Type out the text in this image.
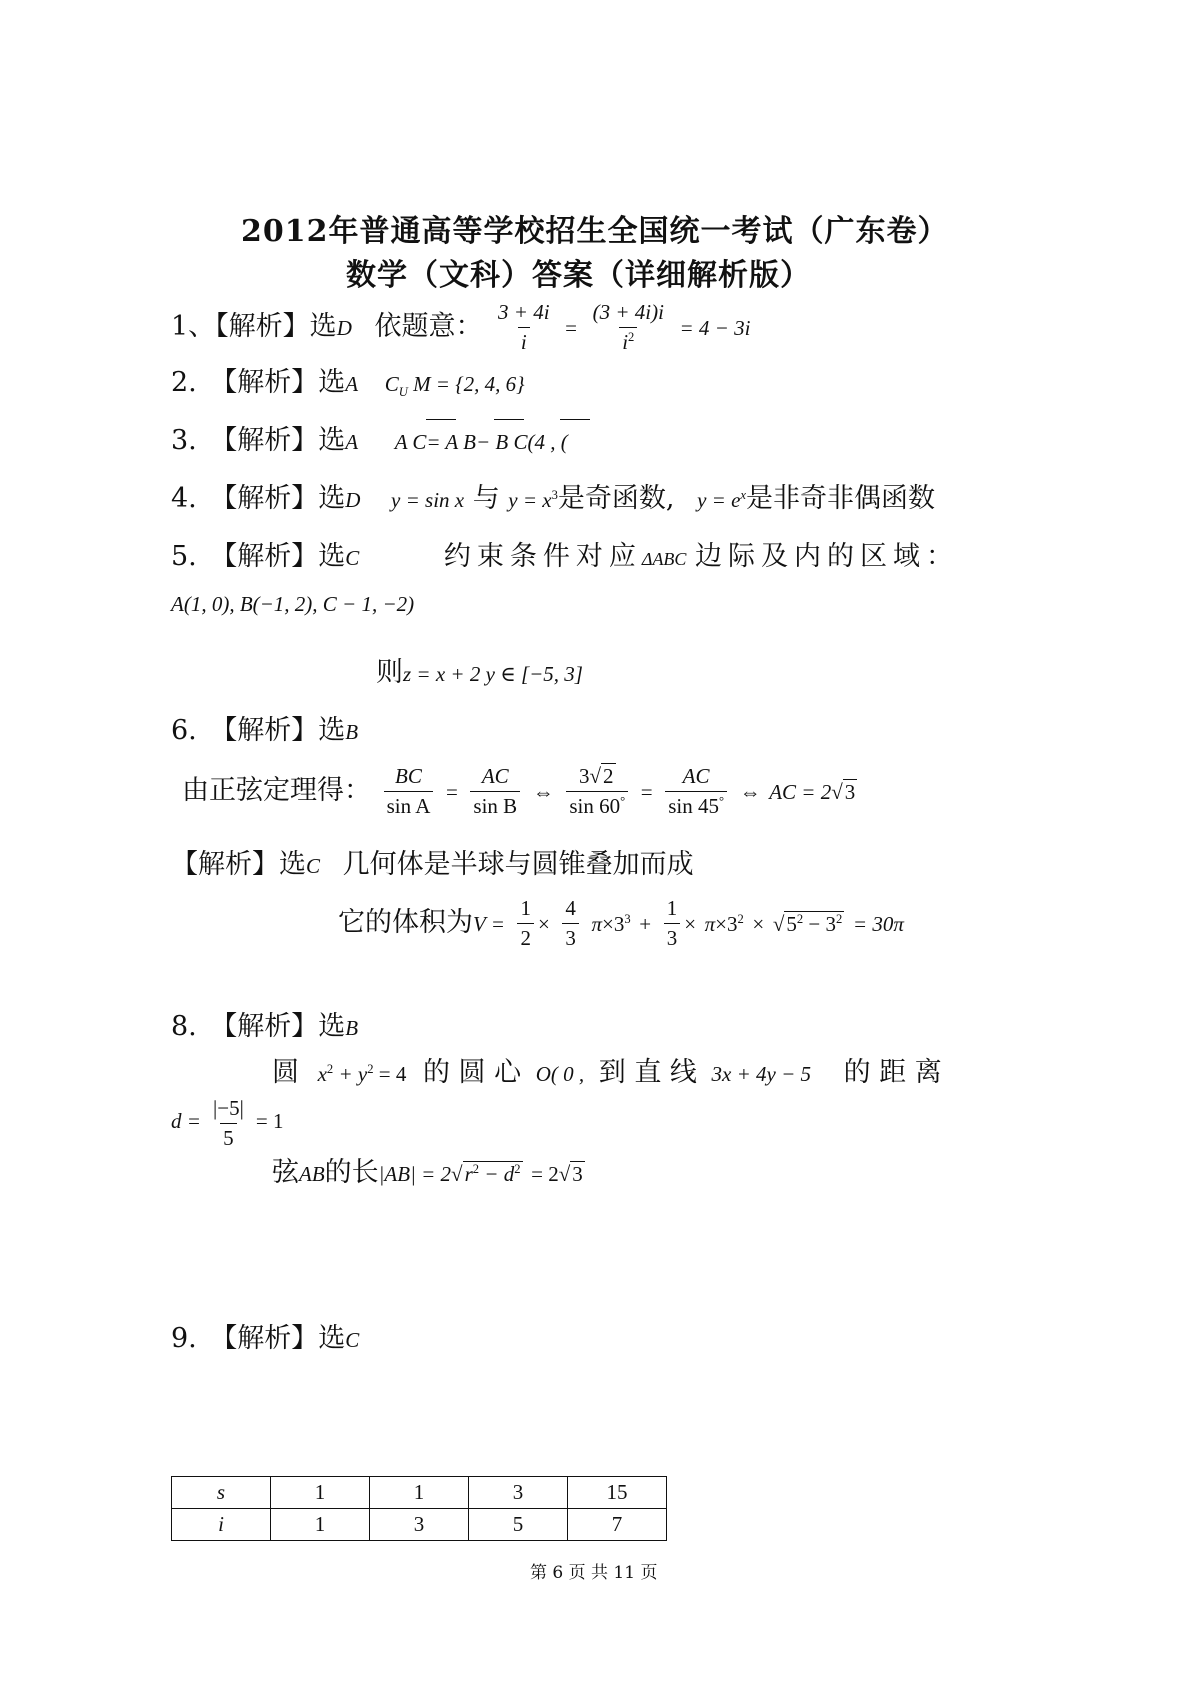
2012年普通高等学校招生全国统一考试（广东卷）
数学（文科）答案（详细解析版）
1、【解析】选D 依题意： $\frac{3 + 4i}{i} = \frac{(3 + 4i)i}{i^2} = 4 - 3i$
2.　【解析】选A $C_U$ M = {2, 4, 6}
3.　【解析】选A A C= A B− B C(4 , (
4.　【解析】选D y = sin x 与 $y = x^3$是奇函数, $y = e^x$是非奇非偶函数
5.　【解析】选C	约束条件对应ΔABC 边际及内的区域：
A(1, 0), B(−1, 2), C − 1, −2)
则z = x + 2 y ∈ [−5, 3]
6.　【解析】选B
由正弦定理得： $\frac{BC}{\text{sin A}} = \frac{AC}{\text{sin B}}$ ⇔ $\frac{3√2}{\sin 60^\circ} = \frac{AC}{\sin 45^\circ}$ ⇔ AC = 2√3
【解析】选C 几何体是半球与圆锥叠加而成
它的体积为$V = \frac{1}{2} \times \frac{4}{3} \pi\times 3^3 + \frac{1}{3} \times \pi\times 3^2 \times √5^2 - 3^2 = 30\pi$
8.　【解析】选B
圆 $x^2 + y^2 = 4$ 的 圆 心 O( 0 , 到 直 线 3x + 4y − 5 的 距 离
$d = \frac{|-5|}{5} = 1$
弦AB的长$|AB| = 2√r^2 - d^2 = 2√3$
9.　【解析】选C
s	1	1	3	15
i	1	3	5	7
第 6 页 共 11 页
